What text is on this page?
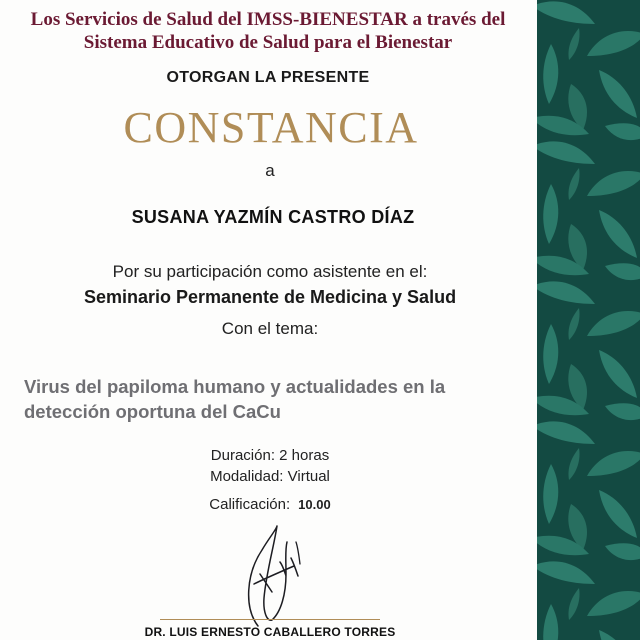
Los Servicios de Salud del IMSS-BIENESTAR a través del
Sistema Educativo de Salud para el Bienestar
OTORGAN LA PRESENTE
CONSTANCIA
a
SUSANA YAZMÍN CASTRO DÍAZ
Por su participación como asistente en el:
Seminario Permanente de Medicina y Salud
Con el tema:
Virus del papiloma humano y actualidades en la
detección oportuna del CaCu
Duración: 2 horas
Modalidad: Virtual
Calificación: 10.00
DR. LUIS ERNESTO CABALLERO TORRES
